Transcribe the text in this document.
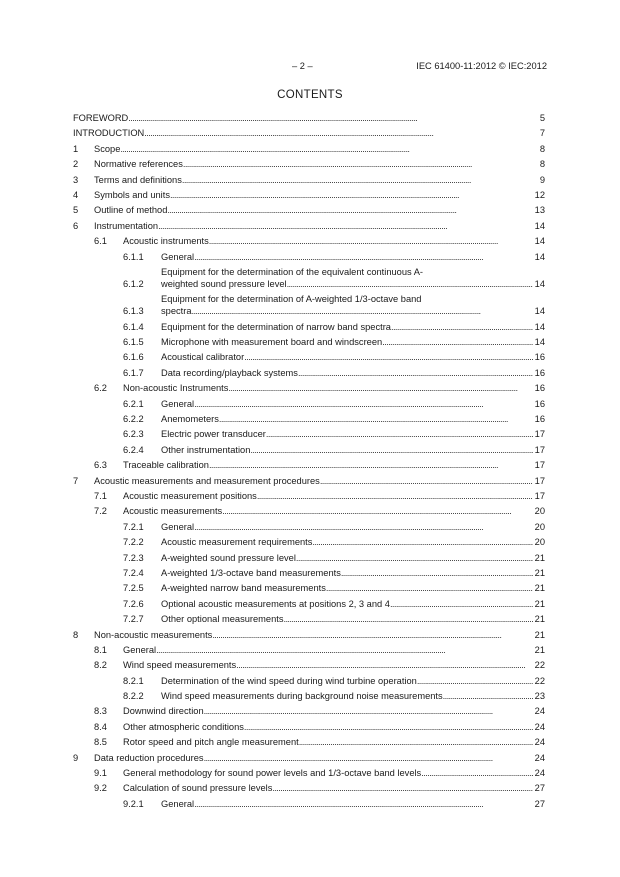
– 2 –	IEC 61400-11:2012 © IEC:2012
CONTENTS
FOREWORD . . .	5
INTRODUCTION . . .	7
1	Scope . . .	8
2	Normative references . . .	8
3	Terms and definitions . . .	9
4	Symbols and units . . .	12
5	Outline of method . . .	13
6	Instrumentation . . .	14
6.1	Acoustic instruments . . .	14
6.1.1	General . . .	14
6.1.2
Equipment for the determination of the equivalent continuous A-
weighted sound pressure level . . .	14
6.1.3
Equipment for the determination of A-weighted 1/3-octave band
spectra . . .	14
6.1.4	Equipment for the determination of narrow band spectra . . .	14
6.1.5	Microphone with measurement board and windscreen . . .	14
6.1.6	Acoustical calibrator . . .	16
6.1.7	Data recording/playback systems . . .	16
6.2	Non-acoustic Instruments . . .	16
6.2.1	General . . .	16
6.2.2	Anemometers . . .	16
6.2.3	Electric power transducer . . .	17
6.2.4	Other instrumentation . . .	17
6.3	Traceable calibration . . .	17
7	Acoustic measurements and measurement procedures . . .	17
7.1	Acoustic measurement positions . . .	17
7.2	Acoustic measurements . . .	20
7.2.1	General . . .	20
7.2.2	Acoustic measurement requirements . . .	20
7.2.3	A-weighted sound pressure level . . .	21
7.2.4	A-weighted 1/3-octave band measurements . . .	21
7.2.5	A-weighted narrow band measurements . . .	21
7.2.6	Optional acoustic measurements at positions 2, 3 and 4 . . .	21
7.2.7	Other optional measurements . . .	21
8	Non-acoustic measurements . . .	21
8.1	General . . .	21
8.2	Wind speed measurements . . .	22
8.2.1	Determination of the wind speed during wind turbine operation . . .	22
8.2.2	Wind speed measurements during background noise measurements . . .	23
8.3	Downwind direction . . .	24
8.4	Other atmospheric conditions . . .	24
8.5	Rotor speed and pitch angle measurement . . .	24
9	Data reduction procedures . . .	24
9.1	General methodology for sound power levels and 1/3-octave band levels . . .	24
9.2	Calculation of sound pressure levels . . .	27
9.2.1	General . . .	27
